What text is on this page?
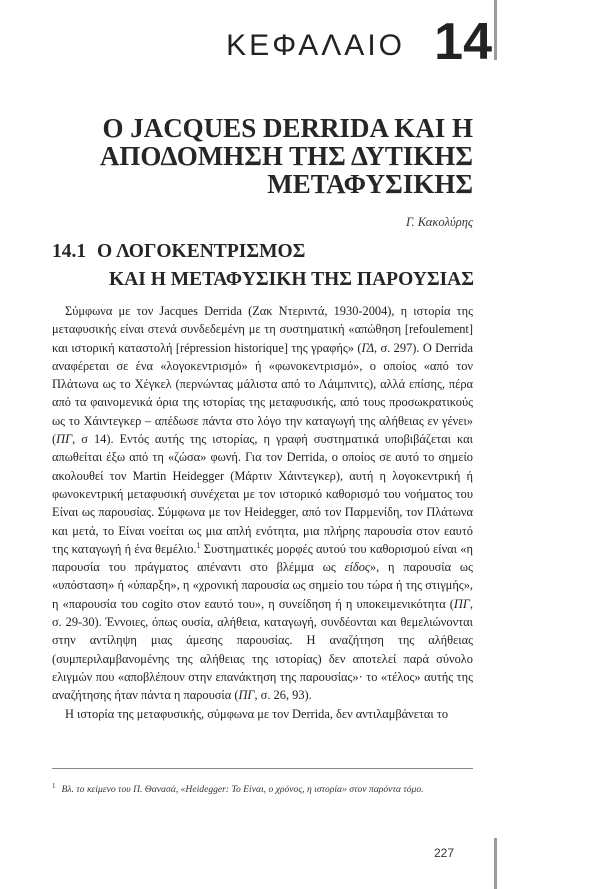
ΚΕΦΑΛΑΙΟ 14
Ο JACQUES DERRIDA ΚΑΙ Η
ΑΠΟΔΟΜΗΣΗ ΤΗΣ ΔΥΤΙΚΗΣ
ΜΕΤΑΦΥΣΙΚΗΣ
Γ. Κακολύρης
14.1 Ο ΛΟΓΟΚΕΝΤΡΙΣΜΟΣ
ΚΑΙ Η ΜΕΤΑΦΥΣΙΚΗ ΤΗΣ ΠΑΡΟΥΣΙΑΣ

Σύμφωνα με τον Jacques Derrida (Ζακ Ντεριντά, 1930-2004), η ιστορία της μεταφυσικής είναι στενά συνδεδεμένη με τη συστηματική «απώθηση [refoulement] και ιστορική καταστολή [répression historique] της γραφής» (ΓΔ, σ. 297). Ο Derrida αναφέρεται σε ένα «λογοκεντρισμό» ή «φωνοκεντρισμό», ο οποίος «από τον Πλάτωνα ως το Χέγκελ (περνώντας μάλιστα από το Λάιμπνιτς), αλλά επίσης, πέρα από τα φαινομενικά όρια της ιστορίας της μεταφυσικής, από τους προσωκρατικούς ως το Χάιντεγκερ – απέδωσε πάντα στο λόγο την καταγωγή της αλήθειας εν γένει» (ΠΓ, σ 14). Εντός αυτής της ιστορίας, η γραφή συστηματικά υποβιβάζεται και απωθείται έξω από τη «ζώσα» φωνή. Για τον Derrida, ο οποίος σε αυτό το σημείο ακολουθεί τον Martin Heidegger (Μάρτιν Χάιντεγκερ), αυτή η λογοκεντρική ή φωνοκεντρική μεταφυσική συνέχεται με τον ιστορικό καθορισμό του νοήματος του Είναι ως παρουσίας. Σύμφωνα με τον Heidegger, από τον Παρμενίδη, τον Πλάτωνα και μετά, το Είναι νοείται ως μια απλή ενότητα, μια πλήρης παρουσία στον εαυτό της καταγωγή ή ένα θεμέλιο.$^1$ Συστηματικές μορφές αυτού του καθορισμού είναι «η παρουσία του πράγματος απέναντι στο βλέμμα ως είδος», η παρουσία ως «υπόσταση» ή «ύπαρξη», η «χρονική παρουσία ως σημείο του τώρα ή της στιγμής», η «παρουσία του cogito στον εαυτό του», η συνείδηση ή η υποκειμενικότητα (ΠΓ, σ. 29-30). Έννοιες, όπως ουσία, αλήθεια, καταγωγή, συνδέονται και θεμελιώνονται στην αντίληψη μιας άμεσης παρουσίας. Η αναζήτηση της αλήθειας (συμπεριλαμβανομένης της αλήθειας της ιστορίας) δεν αποτελεί παρά σύνολο ελιγμών που «αποβλέπουν στην επανάκτηση της παρουσίας»· το «τέλος» αυτής της αναζήτησης ήταν πάντα η παρουσία (ΠΓ, σ. 26, 93).

Η ιστορία της μεταφυσικής, σύμφωνα με τον Derrida, δεν αντιλαμβάνεται το

$^1$ Βλ. το κείμενο του Π. Θανασά, «Heidegger: Το Είναι, ο χρόνος, η ιστορία» στον παρόντα τόμο.
227
